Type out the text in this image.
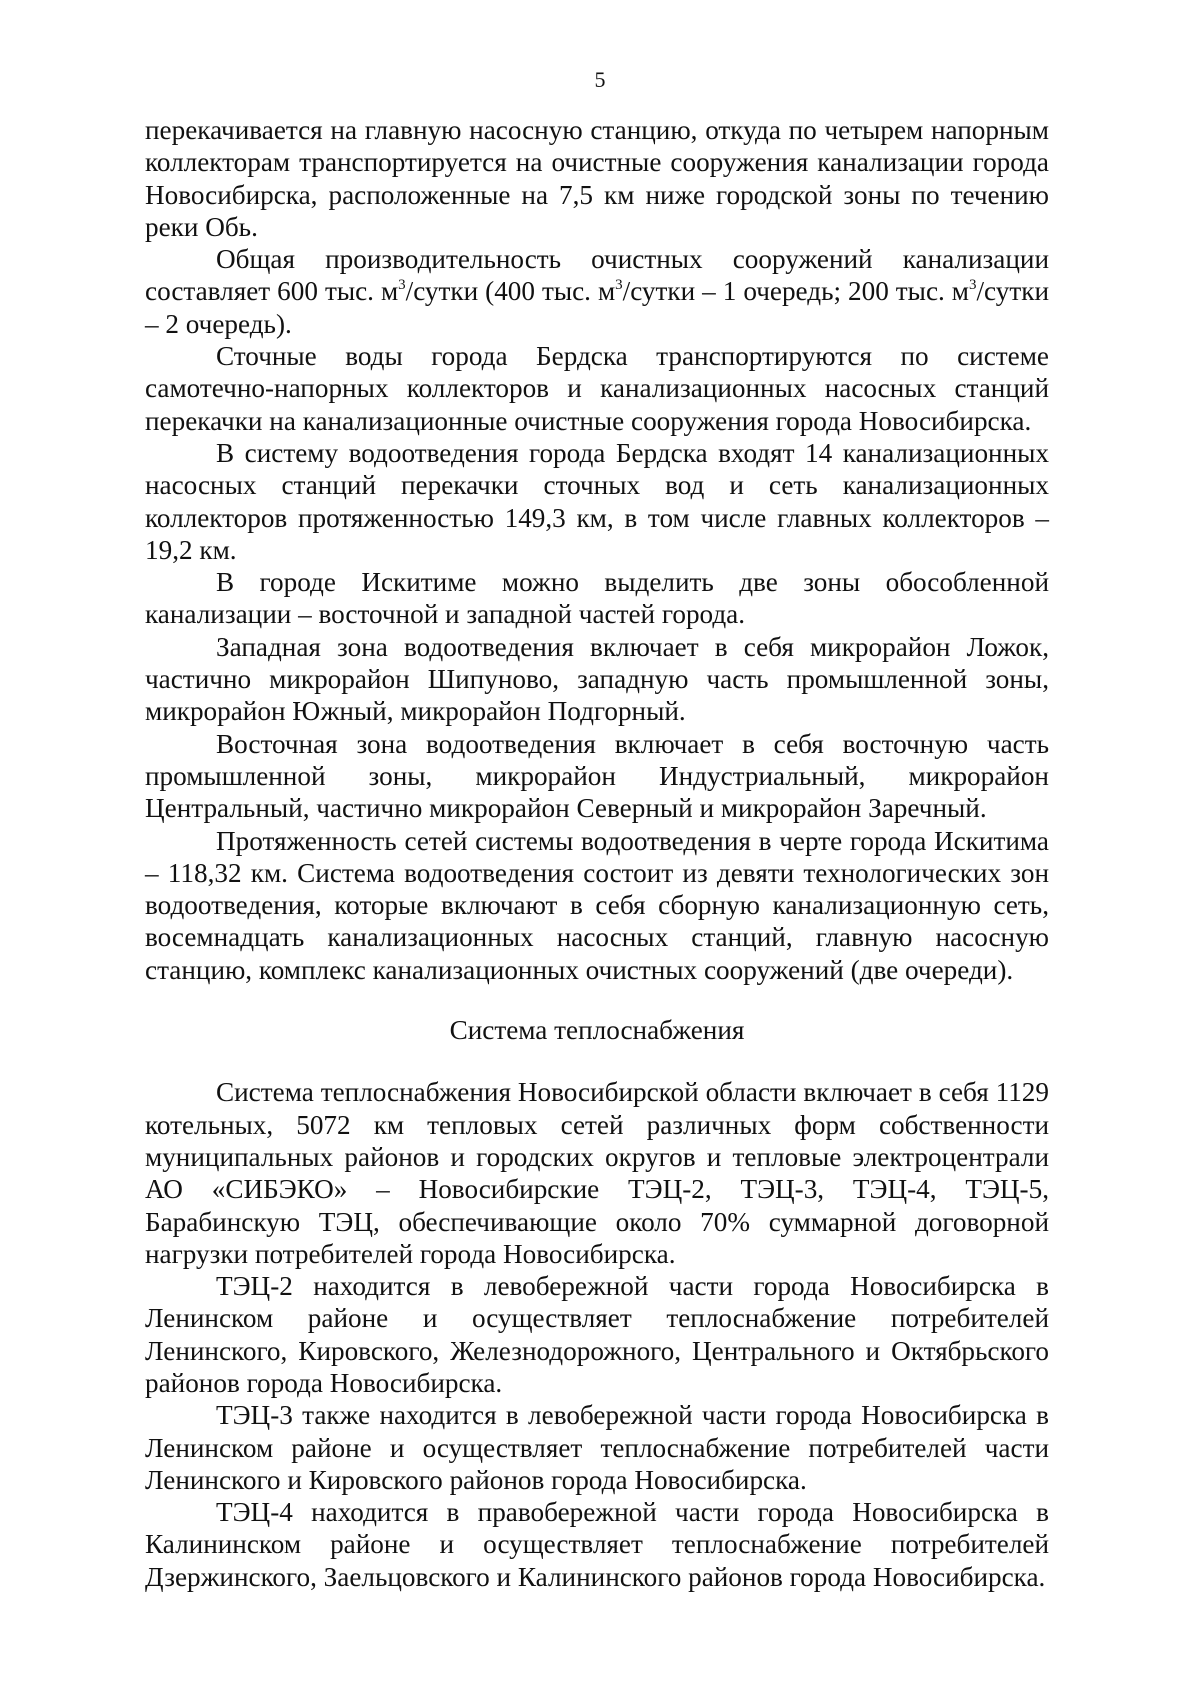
5

перекачивается на главную насосную станцию, откуда по четырем напорным коллекторам транспортируется на очистные сооружения канализации города Новосибирска, расположенные на 7,5 км ниже городской зоны по течению реки Обь.

Общая производительность очистных сооружений канализации составляет 600 тыс. $м^3$/сутки (400 тыс. $м^3$/сутки – 1 очередь; 200 тыс. $м^3$/сутки – 2 очередь).

Сточные воды города Бердска транспортируются по системе самотечно-напорных коллекторов и канализационных насосных станций перекачки на канализационные очистные сооружения города Новосибирска.

В систему водоотведения города Бердска входят 14 канализационных насосных станций перекачки сточных вод и сеть канализационных коллекторов протяженностью 149,3 км, в том числе главных коллекторов – 19,2 км.

В городе Искитиме можно выделить две зоны обособленной канализации – восточной и западной частей города.

Западная зона водоотведения включает в себя микрорайон Ложок, частично микрорайон Шипуново, западную часть промышленной зоны, микрорайон Южный, микрорайон Подгорный.

Восточная зона водоотведения включает в себя восточную часть промышленной зоны, микрорайон Индустриальный, микрорайон Центральный, частично микрорайон Северный и микрорайон Заречный.

Протяженность сетей системы водоотведения в черте города Искитима – 118,32 км. Система водоотведения состоит из девяти технологических зон водоотведения, которые включают в себя сборную канализационную сеть, восемнадцать канализационных насосных станций, главную насосную станцию, комплекс канализационных очистных сооружений (две очереди).

Система теплоснабжения

Система теплоснабжения Новосибирской области включает в себя 1129 котельных, 5072 км тепловых сетей различных форм собственности муниципальных районов и городских округов и тепловые электроцентрали АО «СИБЭКО» – Новосибирские ТЭЦ-2, ТЭЦ-3, ТЭЦ-4, ТЭЦ-5, Барабинскую ТЭЦ, обеспечивающие около 70% суммарной договорной нагрузки потребителей города Новосибирска.

ТЭЦ-2 находится в левобережной части города Новосибирска в Ленинском районе и осуществляет теплоснабжение потребителей Ленинского, Кировского, Железнодорожного, Центрального и Октябрьского районов города Новосибирска.

ТЭЦ-3 также находится в левобережной части города Новосибирска в Ленинском районе и осуществляет теплоснабжение потребителей части Ленинского и Кировского районов города Новосибирска.

ТЭЦ-4 находится в правобережной части города Новосибирска в Калининском районе и осуществляет теплоснабжение потребителей Дзержинского, Заельцовского и Калининского районов города Новосибирска.
